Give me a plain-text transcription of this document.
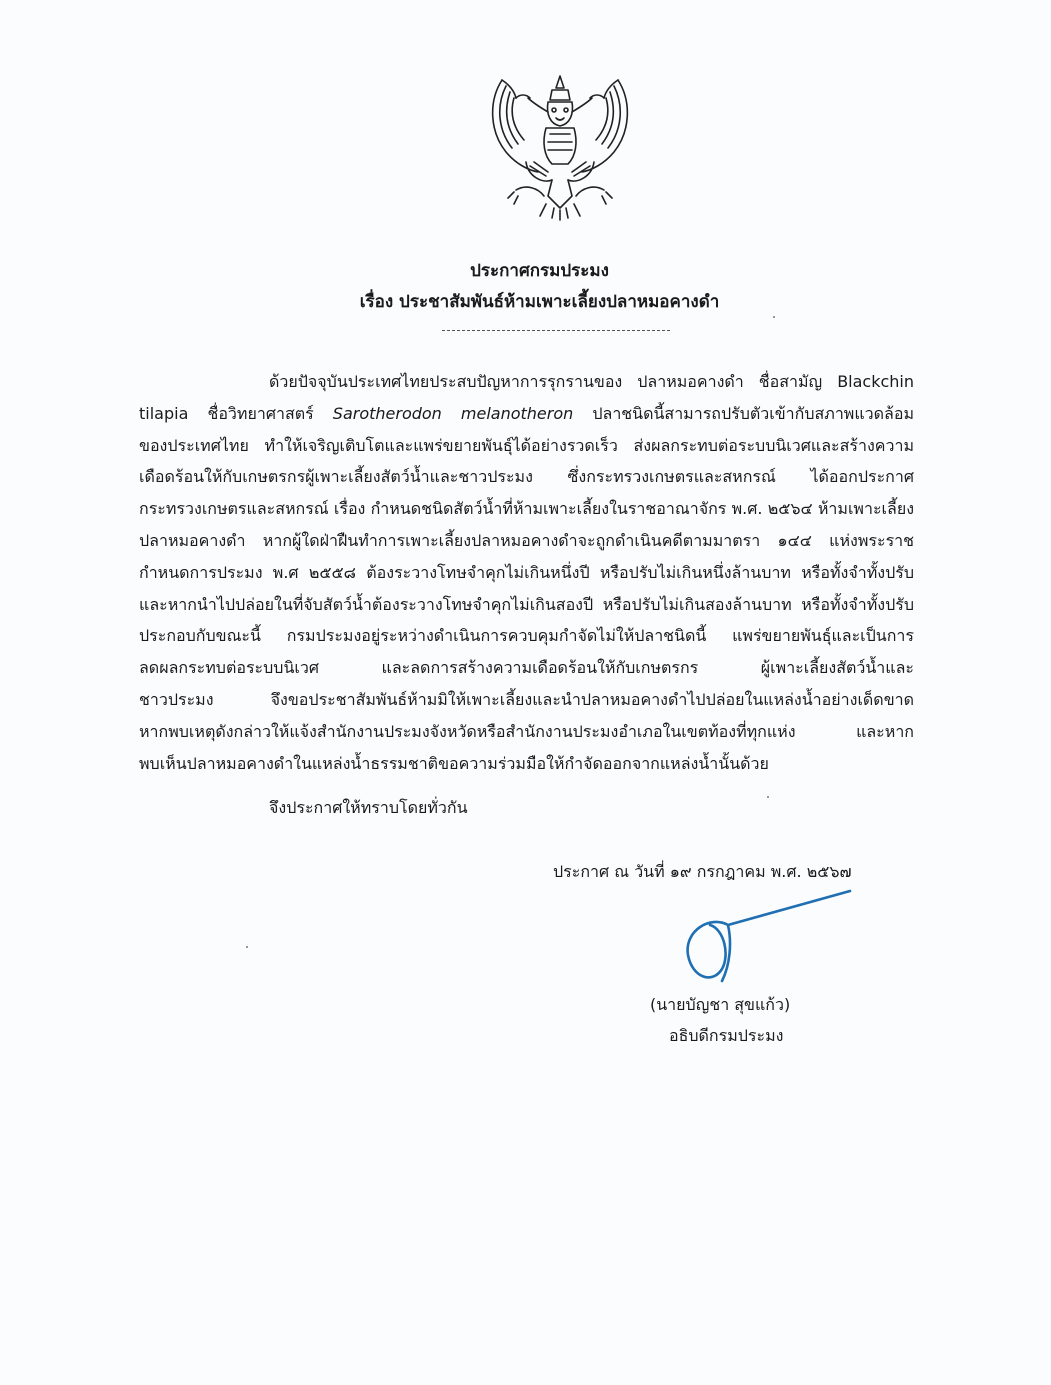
ประกาศกรมประมง

เรื่อง ประชาสัมพันธ์ห้ามเพาะเลี้ยงปลาหมอคางดำ

ด้วยปัจจุบันประเทศไทยประสบปัญหาการรุกรานของ ปลาหมอคางดำ ชื่อสามัญ Blackchin
tilapia ชื่อวิทยาศาสตร์ Sarotherodon melanotheron ปลาชนิดนี้สามารถปรับตัวเข้ากับสภาพแวดล้อม
ของประเทศไทย ทำให้เจริญเติบโตและแพร่ขยายพันธุ์ได้อย่างรวดเร็ว ส่งผลกระทบต่อระบบนิเวศและสร้างความ
เดือดร้อนให้กับเกษตรกรผู้เพาะเลี้ยงสัตว์น้ำและชาวประมง ซึ่งกระทรวงเกษตรและสหกรณ์ ได้ออกประกาศ
กระทรวงเกษตรและสหกรณ์ เรื่อง กำหนดชนิดสัตว์น้ำที่ห้ามเพาะเลี้ยงในราชอาณาจักร พ.ศ. ๒๕๖๔ ห้ามเพาะเลี้ยง
ปลาหมอคางดำ หากผู้ใดฝ่าฝืนทำการเพาะเลี้ยงปลาหมอคางดำจะถูกดำเนินคดีตามมาตรา ๑๔๔ แห่งพระราช
กำหนดการประมง พ.ศ ๒๕๕๘ ต้องระวางโทษจำคุกไม่เกินหนึ่งปี หรือปรับไม่เกินหนึ่งล้านบาท หรือทั้งจำทั้งปรับ
และหากนำไปปล่อยในที่จับสัตว์น้ำต้องระวางโทษจำคุกไม่เกินสองปี หรือปรับไม่เกินสองล้านบาท หรือทั้งจำทั้งปรับ
ประกอบกับขณะนี้ กรมประมงอยู่ระหว่างดำเนินการควบคุมกำจัดไม่ให้ปลาชนิดนี้ แพร่ขยายพันธุ์และเป็นการ
ลดผลกระทบต่อระบบนิเวศ และลดการสร้างความเดือดร้อนให้กับเกษตรกร ผู้เพาะเลี้ยงสัตว์น้ำและ
ชาวประมง จึงขอประชาสัมพันธ์ห้ามมิให้เพาะเลี้ยงและนำปลาหมอคางดำไปปล่อยในแหล่งน้ำอย่างเด็ดขาด
หากพบเหตุดังกล่าวให้แจ้งสำนักงานประมงจังหวัดหรือสำนักงานประมงอำเภอในเขตท้องที่ทุกแห่ง และหาก
พบเห็นปลาหมอคางดำในแหล่งน้ำธรรมชาติขอความร่วมมือให้กำจัดออกจากแหล่งน้ำนั้นด้วย
จึงประกาศให้ทราบโดยทั่วกัน
ประกาศ ณ วันที่ ๑๙ กรกฎาคม พ.ศ. ๒๕๖๗
(นายบัญชา สุขแก้ว)
อธิบดีกรมประมง
